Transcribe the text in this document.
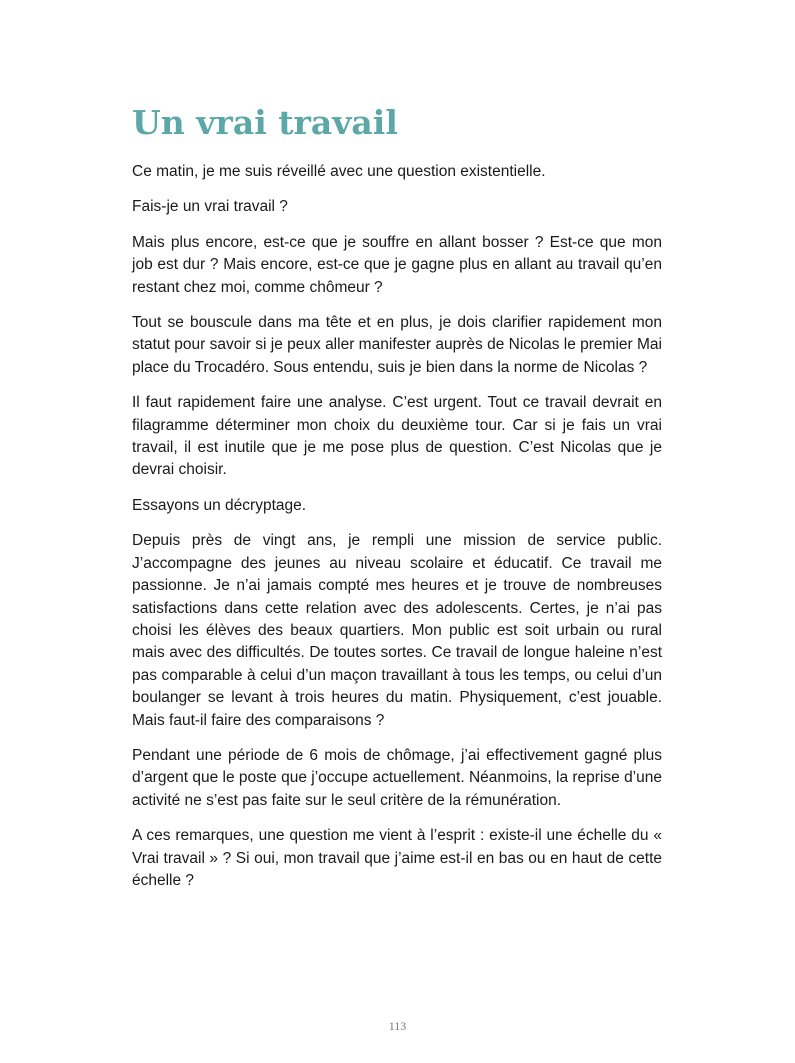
Un vrai travail

Ce matin, je me suis réveillé avec une question existentielle.

Fais-je un vrai travail ?

Mais plus encore, est-ce que je souffre en allant bosser ? Est-ce que mon job est dur ? Mais encore, est-ce que je gagne plus en allant au travail qu’en restant chez moi, comme chômeur ?

Tout se bouscule dans ma tête et en plus, je dois clarifier rapidement mon statut pour savoir si je peux aller manifester auprès de Nicolas le premier Mai place du Trocadéro. Sous entendu, suis je bien dans la norme de Nicolas ?

Il faut rapidement faire une analyse. C’est urgent. Tout ce travail devrait en filagramme déterminer mon choix du deuxième tour. Car si je fais un vrai travail, il est inutile que je me pose plus de question. C’est Nicolas que je devrai choisir.

Essayons un décryptage.

Depuis près de vingt ans, je rempli une mission de service public. J’accompagne des jeunes au niveau scolaire et éducatif. Ce travail me passionne. Je n’ai jamais compté mes heures et je trouve de nombreuses satisfactions dans cette relation avec des adolescents. Certes, je n’ai pas choisi les élèves des beaux quartiers. Mon public est soit urbain ou rural mais avec des difficultés. De toutes sortes. Ce travail de longue haleine n’est pas comparable à celui d’un maçon travaillant à tous les temps, ou celui d’un boulanger se levant à trois heures du matin. Physiquement, c’est jouable. Mais faut-il faire des comparaisons ?

Pendant une période de 6 mois de chômage, j’ai effectivement gagné plus d’argent que le poste que j’occupe actuellement. Néanmoins, la reprise d’une activité ne s’est pas faite sur le seul critère de la rémunération.

A ces remarques, une question me vient à l’esprit : existe-il une échelle du « Vrai travail » ? Si oui, mon travail que j’aime est-il en bas ou en haut de cette échelle ?

113
